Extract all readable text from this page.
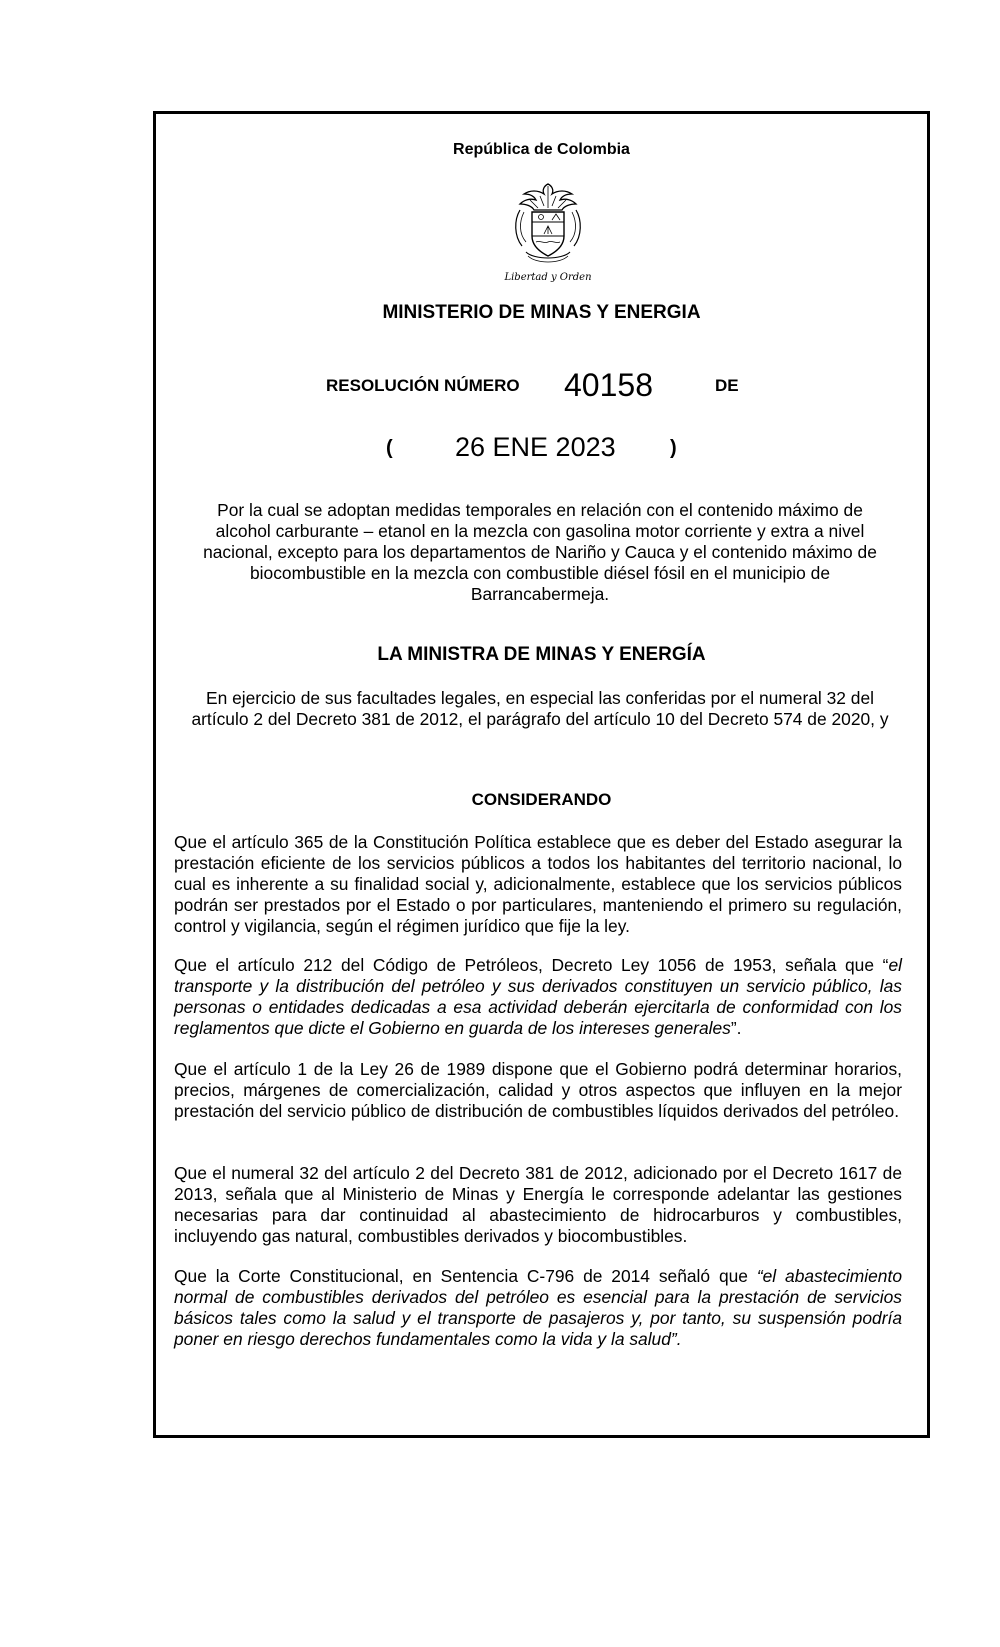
República de Colombia
Libertad y Orden
MINISTERIO DE MINAS Y ENERGIA
RESOLUCIÓN NÚMERO 40158	DE
( 26 ENE 2023	)
Por la cual se adoptan medidas temporales en relación con el contenido máximo de alcohol carburante – etanol en la mezcla con gasolina motor corriente y extra a nivel nacional, excepto para los departamentos de Nariño y Cauca y el contenido máximo de biocombustible en la mezcla con combustible diésel fósil en el municipio de Barrancabermeja.
LA MINISTRA DE MINAS Y ENERGÍA
En ejercicio de sus facultades legales, en especial las conferidas por el numeral 32 del artículo 2 del Decreto 381 de 2012, el parágrafo del artículo 10 del Decreto 574 de 2020, y
CONSIDERANDO

Que el artículo 365 de la Constitución Política establece que es deber del Estado asegurar la prestación eficiente de los servicios públicos a todos los habitantes del territorio nacional, lo cual es inherente a su finalidad social y, adicionalmente, establece que los servicios públicos podrán ser prestados por el Estado o por particulares, manteniendo el primero su regulación, control y vigilancia, según el régimen jurídico que fije la ley.

Que el artículo 212 del Código de Petróleos, Decreto Ley 1056 de 1953, señala que “el transporte y la distribución del petróleo y sus derivados constituyen un servicio público, las personas o entidades dedicadas a esa actividad deberán ejercitarla de conformidad con los reglamentos que dicte el Gobierno en guarda de los intereses generales”.

Que el artículo 1 de la Ley 26 de 1989 dispone que el Gobierno podrá determinar horarios, precios, márgenes de comercialización, calidad y otros aspectos que influyen en la mejor prestación del servicio público de distribución de combustibles líquidos derivados del petróleo.

Que el numeral 32 del artículo 2 del Decreto 381 de 2012, adicionado por el Decreto 1617 de 2013, señala que al Ministerio de Minas y Energía le corresponde adelantar las gestiones necesarias para dar continuidad al abastecimiento de hidrocarburos y combustibles, incluyendo gas natural, combustibles derivados y biocombustibles.

Que la Corte Constitucional, en Sentencia C-796 de 2014 señaló que “el abastecimiento normal de combustibles derivados del petróleo es esencial para la prestación de servicios básicos tales como la salud y el transporte de pasajeros y, por tanto, su suspensión podría poner en riesgo derechos fundamentales como la vida y la salud”.
